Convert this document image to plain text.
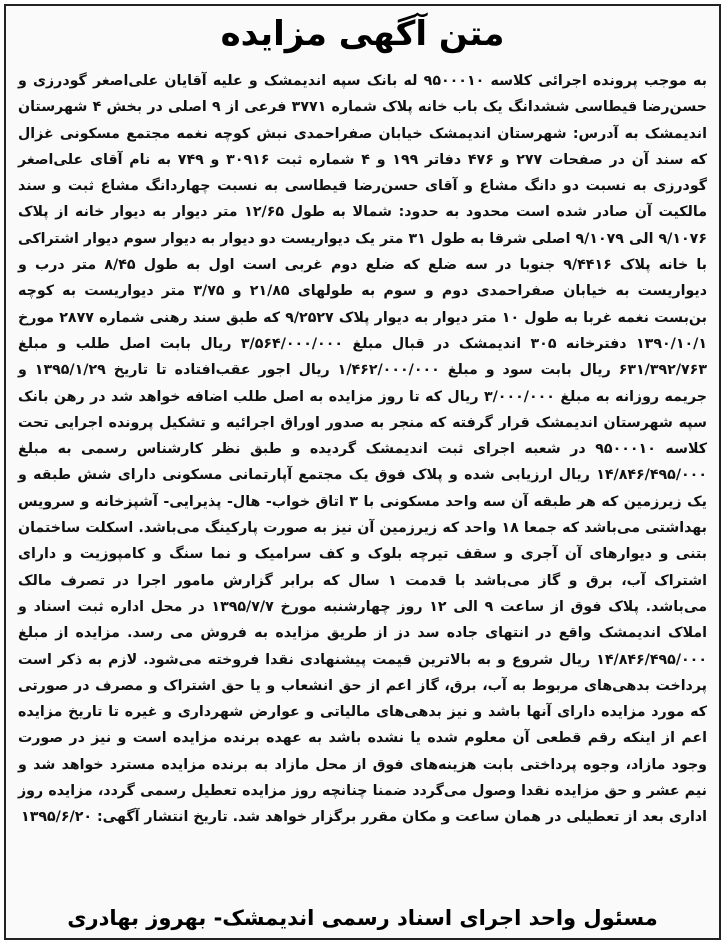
متن آگهی مزایده
به موجب پرونده اجرائی کلاسه ۹۵۰۰۰۱۰ له بانک سپه اندیمشک و علیه آقایان علی‌اصغر گودرزی و حسن‌رضا قیطاسی ششدانگ یک باب خانه پلاک شماره ۳۷۷۱ فرعی از ۹ اصلی در بخش ۴ شهرستان اندیمشک به آدرس: شهرستان اندیمشک خیابان صفراحمدی نبش کوچه نغمه مجتمع مسکونی غزال که سند آن در صفحات ۲۷۷ و ۴۷۶ دفاتر ۱۹۹ و ۴ شماره ثبت ۳۰۹۱۶ و ۷۴۹ به نام آقای علی‌اصغر گودرزی به نسبت دو دانگ مشاع و آقای حسن‌رضا قیطاسی به نسبت چهاردانگ مشاع ثبت و سند مالکیت آن صادر شده است محدود به حدود: شمالا به طول ۱۲/۶۵ متر دیوار به دیوار خانه از پلاک ۹/۱۰۷۶ الی ۹/۱۰۷۹ اصلی شرقا به طول ۳۱ متر یک دیواریست دو دیوار به دیوار سوم دیوار اشتراکی با خانه پلاک ۹/۴۴۱۶ جنوبا در سه ضلع که ضلع دوم غربی است اول به طول ۸/۴۵ متر درب و دیواریست به خیابان صفراحمدی دوم و سوم به طولهای ۲۱/۸۵ و ۳/۷۵ متر دیواریست به کوچه بن‌بست نغمه غربا به طول ۱۰ متر دیوار به دیوار پلاک ۹/۲۵۲۷ که طبق سند رهنی شماره ۲۸۷۷ مورخ ۱۳۹۰/۱۰/۱ دفترخانه ۳۰۵ اندیمشک در قبال مبلغ ۳/۵۶۴/۰۰۰/۰۰۰ ریال بابت اصل طلب و مبلغ ۶۳۱/۳۹۲/۷۶۳ ریال بابت سود و مبلغ ۱/۴۶۲/۰۰۰/۰۰۰ ریال اجور عقب‌افتاده تا تاریخ ۱۳۹۵/۱/۲۹ و جریمه روزانه به مبلغ ۳/۰۰۰/۰۰۰ ریال که تا روز مزایده به اصل طلب اضافه خواهد شد در رهن بانک سپه شهرستان اندیمشک قرار گرفته که منجر به صدور اوراق اجرائیه و تشکیل پرونده اجرایی تحت کلاسه ۹۵۰۰۰۱۰ در شعبه اجرای ثبت اندیمشک گردیده و طبق نظر کارشناس رسمی به مبلغ ۱۴/۸۴۶/۴۹۵/۰۰۰ ریال ارزیابی شده و پلاک فوق یک مجتمع آپارتمانی مسکونی دارای شش طبقه و یک زیرزمین که هر طبقه آن سه واحد مسکونی با ۳ اتاق خواب- هال- پذیرایی- آشپزخانه و سرویس بهداشتی می‌باشد که جمعا ۱۸ واحد که زیرزمین آن نیز به صورت پارکینگ می‌باشد. اسکلت ساختمان بتنی و دیوارهای آن آجری و سقف تیرچه بلوک و کف سرامیک و نما سنگ و کامپوزیت و دارای اشتراک آب، برق و گاز می‌باشد با قدمت ۱ سال که برابر گزارش مامور اجرا در تصرف مالک می‌باشد. پلاک فوق از ساعت ۹ الی ۱۲ روز چهارشنبه مورخ ۱۳۹۵/۷/۷ در محل اداره ثبت اسناد و املاک اندیمشک واقع در انتهای جاده سد دز از طریق مزایده به فروش می رسد. مزایده از مبلغ ۱۴/۸۴۶/۴۹۵/۰۰۰ ریال شروع و به بالاترین قیمت پیشنهادی نقدا فروخته می‌شود. لازم به ذکر است پرداخت بدهی‌های مربوط به آب، برق، گاز اعم از حق انشعاب و یا حق اشتراک و مصرف در صورتی که مورد مزایده دارای آنها باشد و نیز بدهی‌های مالیاتی و عوارض شهرداری و غیره تا تاریخ مزایده اعم از اینکه رقم قطعی آن معلوم شده یا نشده باشد به عهده برنده مزایده است و نیز در صورت وجود مازاد، وجوه پرداختی بابت هزینه‌های فوق از محل مازاد به برنده مزایده مسترد خواهد شد و نیم عشر و حق مزایده نقدا وصول می‌گردد ضمنا چنانچه روز مزایده تعطیل رسمی گردد، مزایده روز اداری بعد از تعطیلی در همان ساعت و مکان مقرر برگزار خواهد شد. تاریخ انتشار آگهی: ۱۳۹۵/۶/۲۰
مسئول واحد اجرای اسناد رسمی اندیمشک- بهروز بهادری
